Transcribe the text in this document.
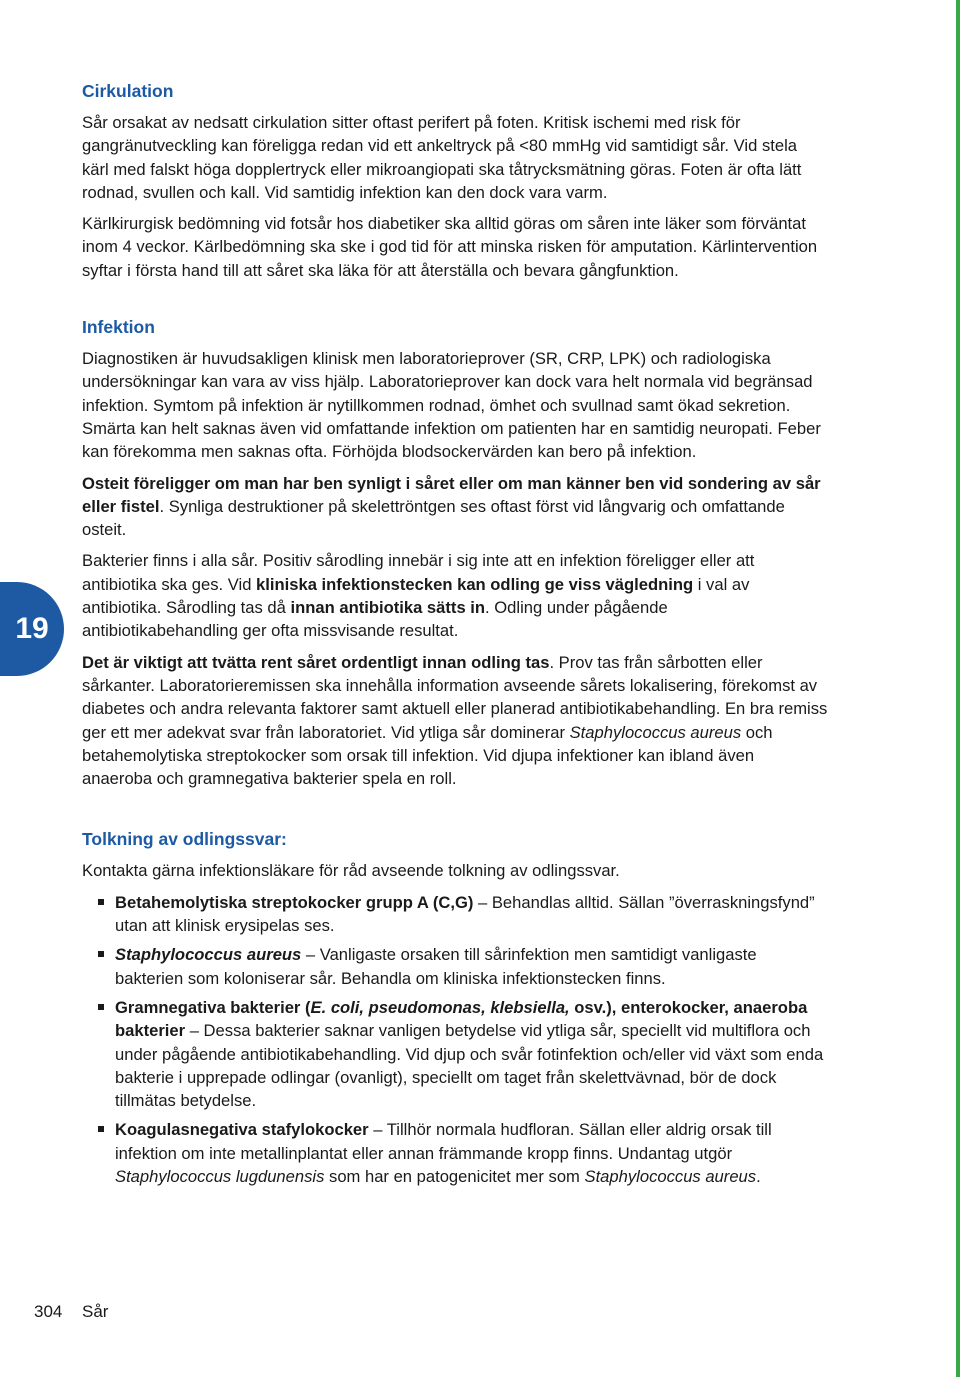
19
Cirkulation

Sår orsakat av nedsatt cirkulation sitter oftast perifert på foten. Kritisk ischemi med risk för gangränutveckling kan föreligga redan vid ett ankeltryck på <80 mmHg vid samtidigt sår. Vid stela kärl med falskt höga dopplertryck eller mikroangiopati ska tåtrycksmätning göras. Foten är ofta lätt rodnad, svullen och kall. Vid samtidig infektion kan den dock vara varm.

Kärlkirurgisk bedömning vid fotsår hos diabetiker ska alltid göras om såren inte läker som förväntat inom 4 veckor. Kärlbedömning ska ske i god tid för att minska risken för amputation. Kärlintervention syftar i första hand till att såret ska läka för att återställa och bevara gångfunktion.

Infektion

Diagnostiken är huvudsakligen klinisk men laboratorieprover (SR, CRP, LPK) och radiologiska undersökningar kan vara av viss hjälp. Laboratorieprover kan dock vara helt normala vid begränsad infektion. Symtom på infektion är nytillkommen rodnad, ömhet och svullnad samt ökad sekretion. Smärta kan helt saknas även vid omfattande infektion om patienten har en samtidig neuropati. Feber kan förekomma men saknas ofta. Förhöjda blodsockervärden kan bero på infektion.

Osteit föreligger om man har ben synligt i såret eller om man känner ben vid sondering av sår eller fistel. Synliga destruktioner på skelettröntgen ses oftast först vid långvarig och omfattande osteit.

Bakterier finns i alla sår. Positiv sårodling innebär i sig inte att en infektion föreligger eller att antibiotika ska ges. Vid kliniska infektionstecken kan odling ge viss vägledning i val av antibiotika. Sårodling tas då innan antibiotika sätts in. Odling under pågående antibiotikabehandling ger ofta missvisande resultat.

Det är viktigt att tvätta rent såret ordentligt innan odling tas. Prov tas från sårbotten eller sårkanter. Laboratorieremissen ska innehålla information avseende sårets lokalisering, förekomst av diabetes och andra relevanta faktorer samt aktuell eller planerad antibiotikabehandling. En bra remiss ger ett mer adekvat svar från laboratoriet. Vid ytliga sår dominerar Staphylococcus aureus och betahemolytiska streptokocker som orsak till infektion. Vid djupa infektioner kan ibland även anaeroba och gramnegativa bakterier spela en roll.

Tolkning av odlingssvar:

Kontakta gärna infektionsläkare för råd avseende tolkning av odlingssvar.

Betahemolytiska streptokocker grupp A (C,G) – Behandlas alltid. Sällan ”överraskningsfynd” utan att klinisk erysipelas ses.
Staphylococcus aureus – Vanligaste orsaken till sårinfektion men samtidigt vanligaste bakterien som koloniserar sår. Behandla om kliniska infektionstecken finns.
Gramnegativa bakterier (E. coli, pseudomonas, klebsiella, osv.), enterokocker, anaeroba bakterier – Dessa bakterier saknar vanligen betydelse vid ytliga sår, speciellt vid multiflora och under pågående antibiotikabehandling. Vid djup och svår fotinfektion och/eller vid växt som enda bakterie i upprepade odlingar (ovanligt), speciellt om taget från skelettvävnad, bör de dock tillmätas betydelse.
Koagulasnegativa stafylokocker – Tillhör normala hudfloran. Sällan eller aldrig orsak till infektion om inte metallinplantat eller annan främmande kropp finns. Undantag utgör Staphylococcus lugdunensis som har en patogenicitet mer som Staphylococcus aureus.
304 Sår
